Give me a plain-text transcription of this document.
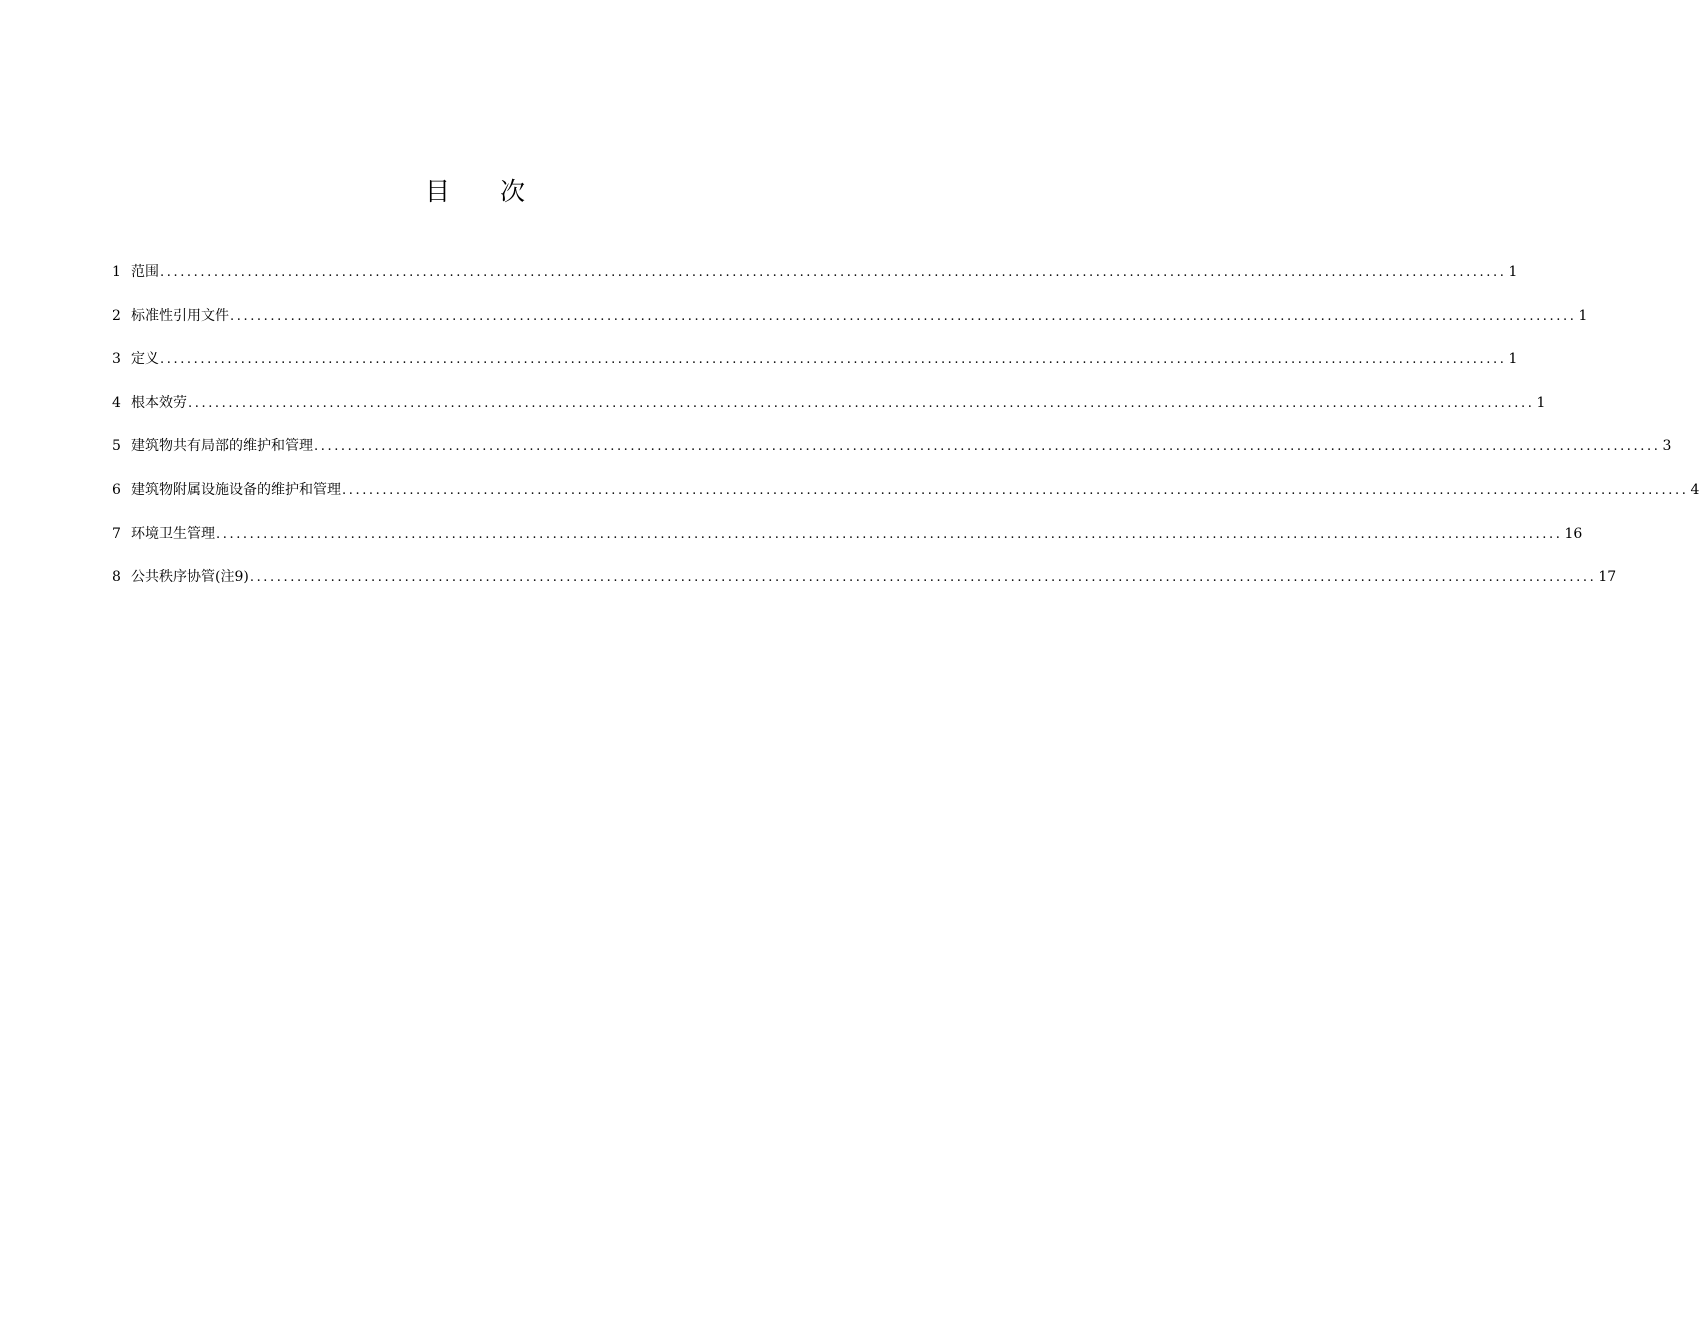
目　　次
1 范围 ........................................................................................................................................................................................................ 1
2 标准性引用文件 ........................................................................................................................................................................................................ 1
3 定义 ........................................................................................................................................................................................................ 1
4 根本效劳 ........................................................................................................................................................................................................ 1
5 建筑物共有局部的维护和管理 ........................................................................................................................................................................................................ 3
6 建筑物附属设施设备的维护和管理 ........................................................................................................................................................................................................ 4
7 环境卫生管理 ........................................................................................................................................................................................................ 16
8 公共秩序协管(注9) ........................................................................................................................................................................................................ 17
